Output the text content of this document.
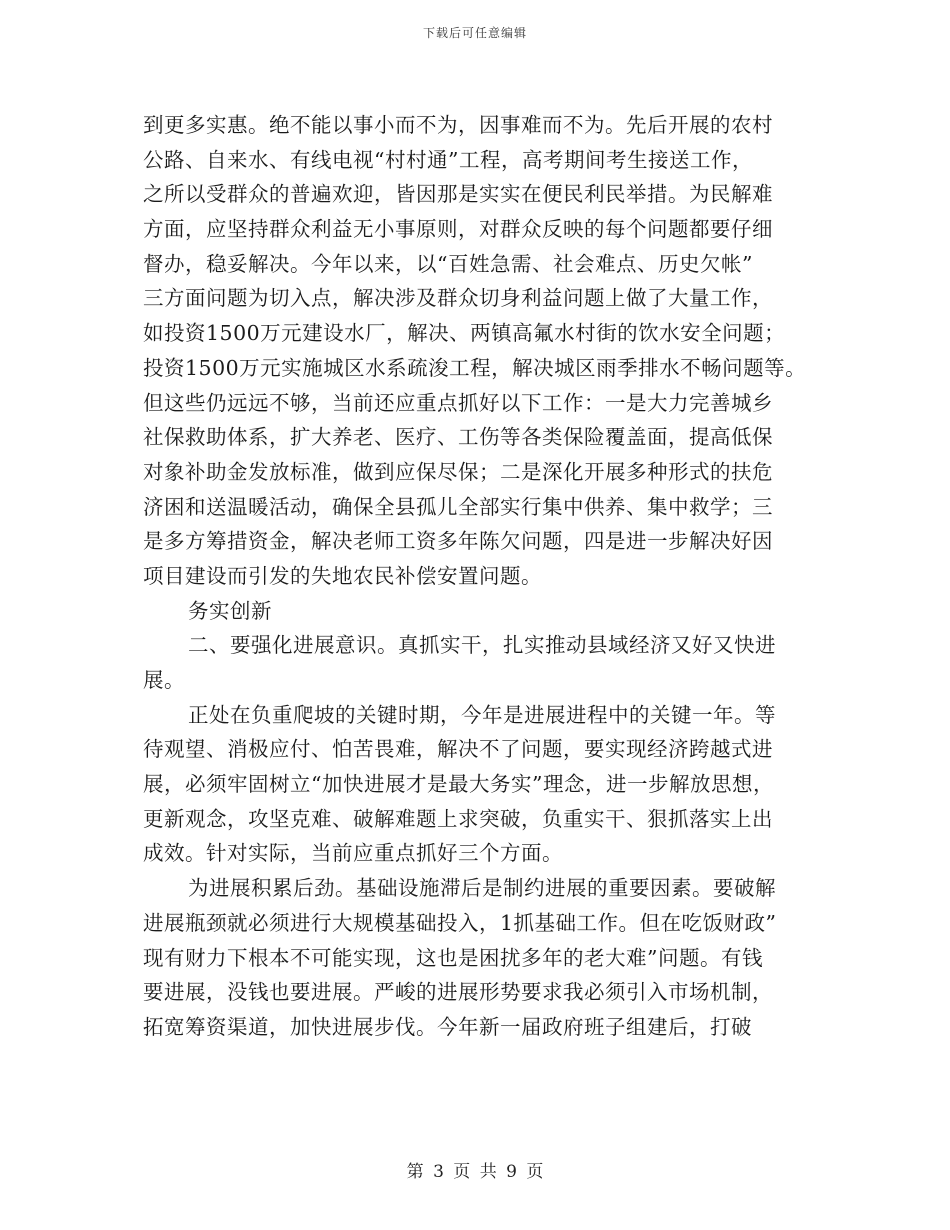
下载后可任意编辑
到更多实惠。绝不能以事小而不为，因事难而不为。先后开展的农村
公路、自来水、有线电视“村村通”工程，高考期间考生接送工作，
之所以受群众的普遍欢迎，皆因那是实实在便民利民举措。为民解难
方面，应坚持群众利益无小事原则，对群众反映的每个问题都要仔细
督办，稳妥解决。今年以来，以“百姓急需、社会难点、历史欠帐”
三方面问题为切入点，解决涉及群众切身利益问题上做了大量工作，
如投资1500万元建设水厂，解决、两镇高氟水村街的饮水安全问题；
投资1500万元实施城区水系疏浚工程，解决城区雨季排水不畅问题等。
但这些仍远远不够，当前还应重点抓好以下工作：一是大力完善城乡
社保救助体系，扩大养老、医疗、工伤等各类保险覆盖面，提高低保
对象补助金发放标准，做到应保尽保；二是深化开展多种形式的扶危
济困和送温暖活动，确保全县孤儿全部实行集中供养、集中救学；三
是多方筹措资金，解决老师工资多年陈欠问题，四是进一步解决好因
项目建设而引发的失地农民补偿安置问题。
务实创新
二、要强化进展意识。真抓实干，扎实推动县域经济又好又快进
展。
正处在负重爬坡的关键时期，今年是进展进程中的关键一年。等
待观望、消极应付、怕苦畏难，解决不了问题，要实现经济跨越式进
展，必须牢固树立“加快进展才是最大务实”理念，进一步解放思想，
更新观念，攻坚克难、破解难题上求突破，负重实干、狠抓落实上出
成效。针对实际，当前应重点抓好三个方面。
为进展积累后劲。基础设施滞后是制约进展的重要因素。要破解
进展瓶颈就必须进行大规模基础投入，1抓基础工作。但在吃饭财政”
现有财力下根本不可能实现，这也是困扰多年的老大难”问题。有钱
要进展，没钱也要进展。严峻的进展形势要求我必须引入市场机制，
拓宽筹资渠道，加快进展步伐。今年新一届政府班子组建后，打破
第 3 页 共 9 页
